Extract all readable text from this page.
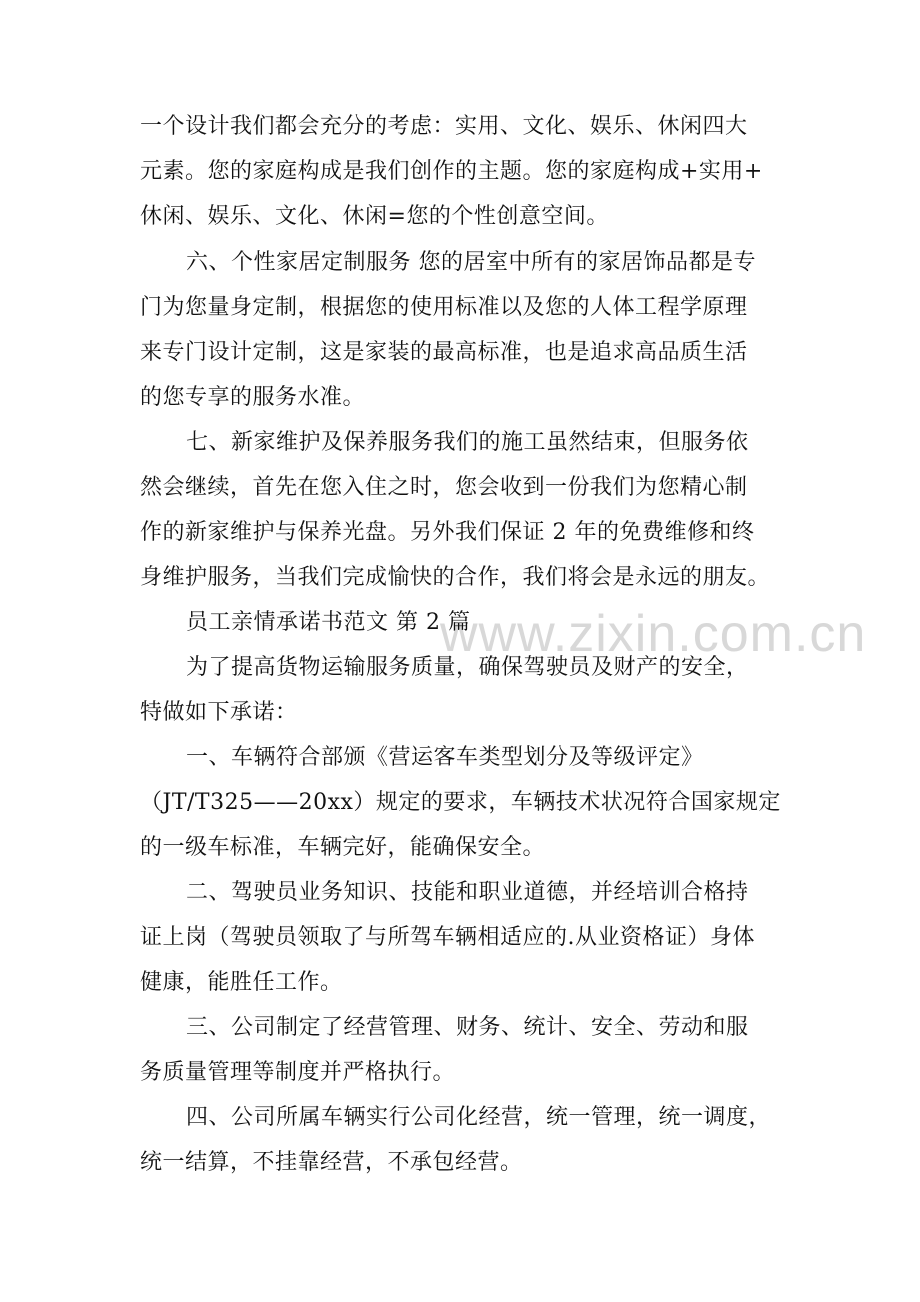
www.zixin.com.cn
一个设计我们都会充分的考虑：实用、文化、娱乐、休闲四大
元素。您的家庭构成是我们创作的主题。您的家庭构成+实用+
休闲、娱乐、文化、休闲=您的个性创意空间。
六、个性家居定制服务 您的居室中所有的家居饰品都是专
门为您量身定制，根据您的使用标准以及您的人体工程学原理
来专门设计定制，这是家装的最高标准，也是追求高品质生活
的您专享的服务水准。
七、新家维护及保养服务我们的施工虽然结束，但服务依
然会继续，首先在您入住之时，您会收到一份我们为您精心制
作的新家维护与保养光盘。另外我们保证 2 年的免费维修和终
身维护服务，当我们完成愉快的合作，我们将会是永远的朋友。
员工亲情承诺书范文 第 2 篇
为了提高货物运输服务质量，确保驾驶员及财产的安全，
特做如下承诺：
一、车辆符合部颁《营运客车类型划分及等级评定》
（JT/T325——20xx）规定的要求，车辆技术状况符合国家规定
的一级车标准，车辆完好，能确保安全。
二、驾驶员业务知识、技能和职业道德，并经培训合格持
证上岗（驾驶员领取了与所驾车辆相适应的.从业资格证）身体
健康，能胜任工作。
三、公司制定了经营管理、财务、统计、安全、劳动和服
务质量管理等制度并严格执行。
四、公司所属车辆实行公司化经营，统一管理，统一调度，
统一结算，不挂靠经营，不承包经营。
